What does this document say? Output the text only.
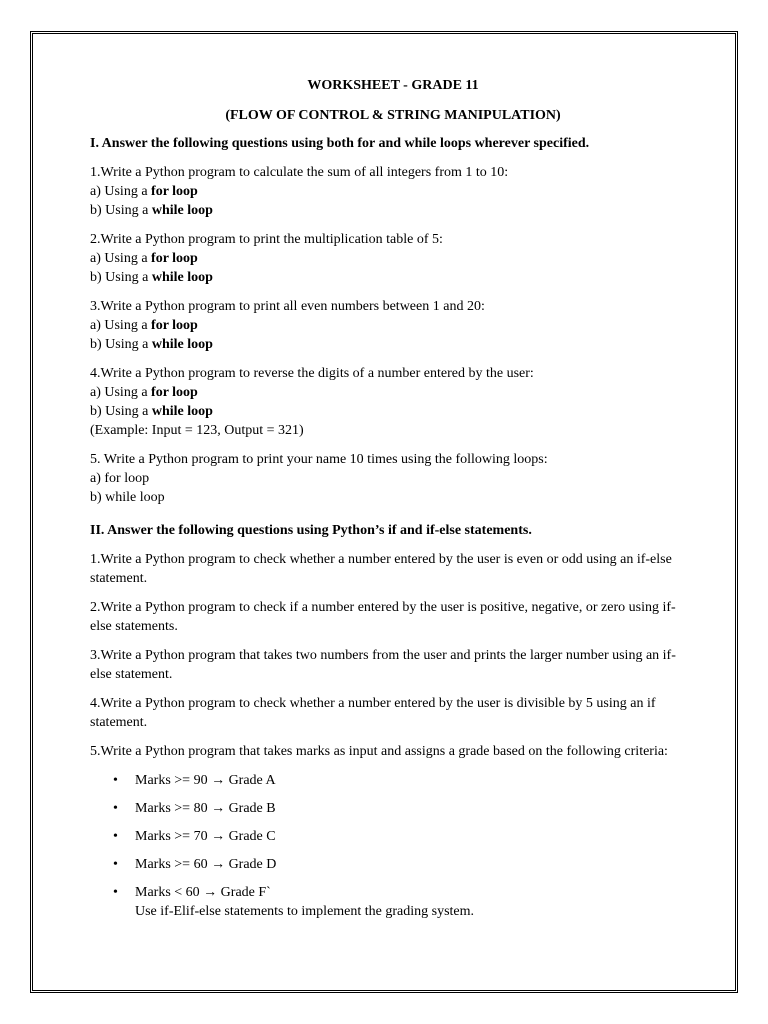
WORKSHEET - GRADE 11

(FLOW OF CONTROL & STRING MANIPULATION)

I. Answer the following questions using both for and while loops wherever specified.

1.Write a Python program to calculate the sum of all integers from 1 to 10:
a) Using a for loop
b) Using a while loop
2.Write a Python program to print the multiplication table of 5:
a) Using a for loop
b) Using a while loop
3.Write a Python program to print all even numbers between 1 and 20:
a) Using a for loop
b) Using a while loop
4.Write a Python program to reverse the digits of a number entered by the user:
a) Using a for loop
b) Using a while loop
(Example: Input = 123, Output = 321)
5. Write a Python program to print your name 10 times using the following loops:
a) for loop
b) while loop

II. Answer the following questions using Python’s if and if-else statements.

1.Write a Python program to check whether a number entered by the user is even or odd using an if-else statement.

2.Write a Python program to check if a number entered by the user is positive, negative, or zero using if-else statements.

3.Write a Python program that takes two numbers from the user and prints the larger number using an if-else statement.

4.Write a Python program to check whether a number entered by the user is divisible by 5 using an if statement.

5.Write a Python program that takes marks as input and assigns a grade based on the following criteria:

• Marks >= 90 → Grade A
• Marks >= 80 → Grade B
• Marks >= 70 → Grade C
• Marks >= 60 → Grade D
• Marks < 60 → Grade F`
Use if-Elif-else statements to implement the grading system.
